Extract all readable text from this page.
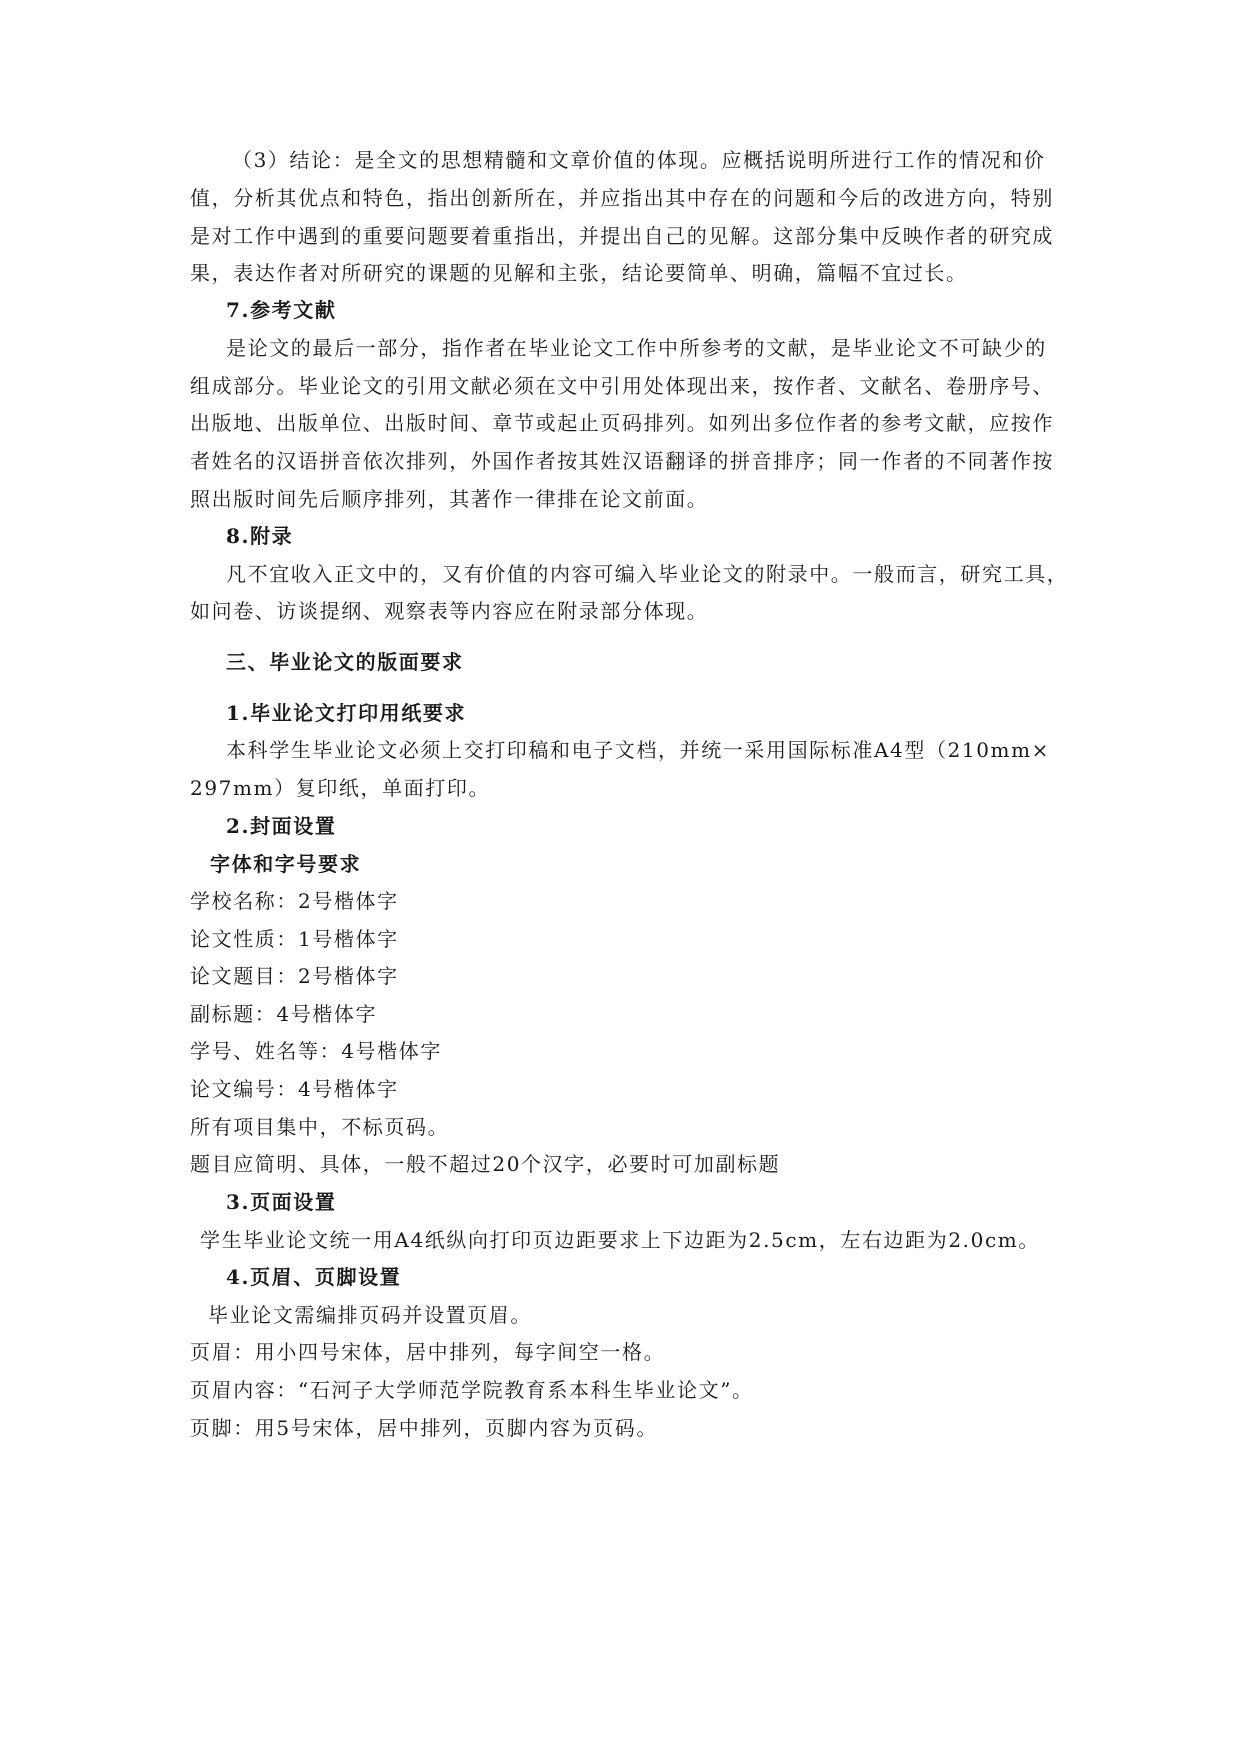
（3）结论：是全文的思想精髓和文章价值的体现。应概括说明所进行工作的情况和价
值，分析其优点和特色，指出创新所在，并应指出其中存在的问题和今后的改进方向，特别
是对工作中遇到的重要问题要着重指出，并提出自己的见解。这部分集中反映作者的研究成
果，表达作者对所研究的课题的见解和主张，结论要简单、明确，篇幅不宜过长。
7.参考文献
是论文的最后一部分，指作者在毕业论文工作中所参考的文献，是毕业论文不可缺少的
组成部分。毕业论文的引用文献必须在文中引用处体现出来，按作者、文献名、卷册序号、
出版地、出版单位、出版时间、章节或起止页码排列。如列出多位作者的参考文献，应按作
者姓名的汉语拼音依次排列，外国作者按其姓汉语翻译的拼音排序；同一作者的不同著作按
照出版时间先后顺序排列，其著作一律排在论文前面。
8.附录
凡不宜收入正文中的，又有价值的内容可编入毕业论文的附录中。一般而言，研究工具，
如问卷、访谈提纲、观察表等内容应在附录部分体现。
三、毕业论文的版面要求
1.毕业论文打印用纸要求
本科学生毕业论文必须上交打印稿和电子文档，并统一采用国际标准A4型（210mm×
297mm）复印纸，单面打印。
2.封面设置
字体和字号要求
学校名称：2号楷体字
论文性质：1号楷体字
论文题目：2号楷体字
副标题：4号楷体字
学号、姓名等：4号楷体字
论文编号：4号楷体字
所有项目集中，不标页码。
题目应简明、具体，一般不超过20个汉字，必要时可加副标题
3.页面设置
学生毕业论文统一用A4纸纵向打印页边距要求上下边距为2.5cm，左右边距为2.0cm。
4.页眉、页脚设置
毕业论文需编排页码并设置页眉。
页眉：用小四号宋体，居中排列，每字间空一格。
页眉内容：“石河子大学师范学院教育系本科生毕业论文”。
页脚：用5号宋体，居中排列，页脚内容为页码。
